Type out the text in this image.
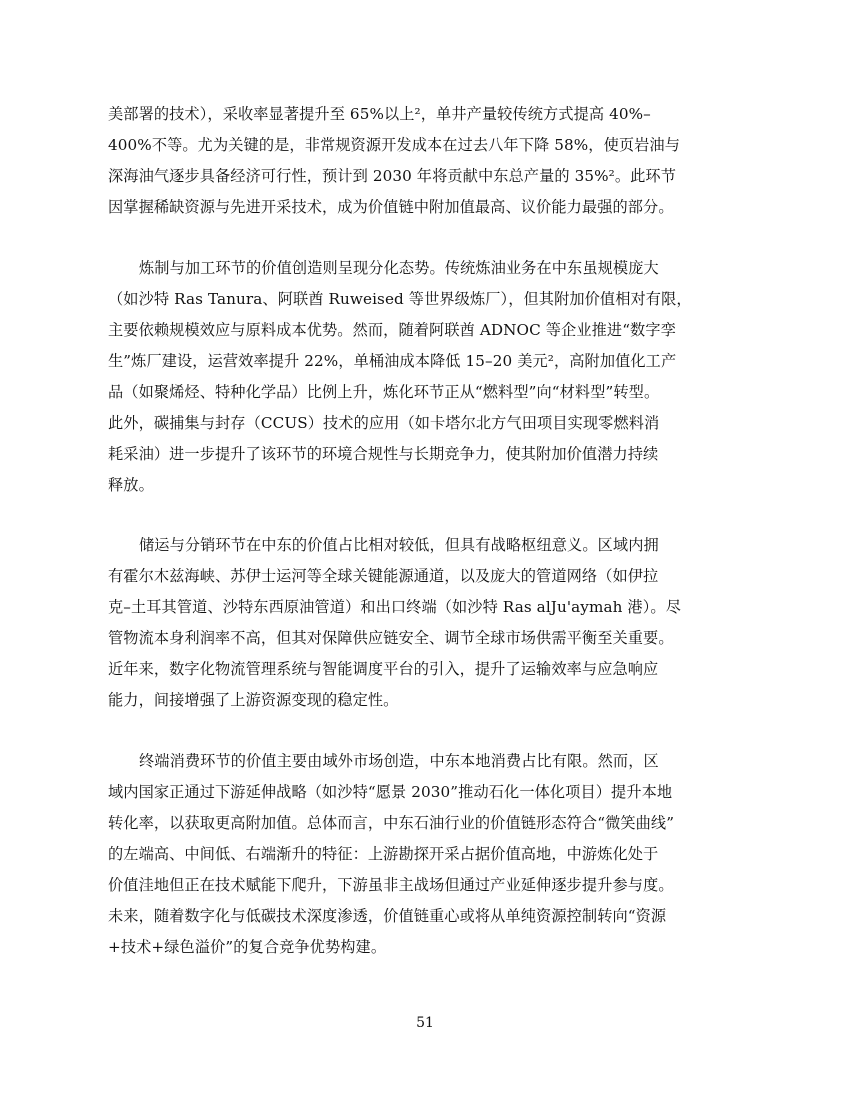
美部署的技术），采收率显著提升至 65%以上²，单井产量较传统方式提高 40%–
400%不等。尤为关键的是，非常规资源开发成本在过去八年下降 58%，使页岩油与
深海油气逐步具备经济可行性，预计到 2030 年将贡献中东总产量的 35%²。此环节
因掌握稀缺资源与先进开采技术，成为价值链中附加值最高、议价能力最强的部分。
炼制与加工环节的价值创造则呈现分化态势。传统炼油业务在中东虽规模庞大
（如沙特 Ras Tanura、阿联酋 Ruweised 等世界级炼厂），但其附加价值相对有限，
主要依赖规模效应与原料成本优势。然而，随着阿联酋 ADNOC 等企业推进“数字孪
生”炼厂建设，运营效率提升 22%，单桶油成本降低 15–20 美元²，高附加值化工产
品（如聚烯烃、特种化学品）比例上升，炼化环节正从“燃料型”向“材料型”转型。
此外，碳捕集与封存（CCUS）技术的应用（如卡塔尔北方气田项目实现零燃料消
耗采油）进一步提升了该环节的环境合规性与长期竞争力，使其附加价值潜力持续
释放。
储运与分销环节在中东的价值占比相对较低，但具有战略枢纽意义。区域内拥
有霍尔木兹海峡、苏伊士运河等全球关键能源通道，以及庞大的管道网络（如伊拉
克–土耳其管道、沙特东西原油管道）和出口终端（如沙特 Ras alJu'aymah 港）。尽
管物流本身利润率不高，但其对保障供应链安全、调节全球市场供需平衡至关重要。
近年来，数字化物流管理系统与智能调度平台的引入，提升了运输效率与应急响应
能力，间接增强了上游资源变现的稳定性。
终端消费环节的价值主要由域外市场创造，中东本地消费占比有限。然而，区
域内国家正通过下游延伸战略（如沙特“愿景 2030”推动石化一体化项目）提升本地
转化率，以获取更高附加值。总体而言，中东石油行业的价值链形态符合“微笑曲线”
的左端高、中间低、右端渐升的特征：上游勘探开采占据价值高地，中游炼化处于
价值洼地但正在技术赋能下爬升，下游虽非主战场但通过产业延伸逐步提升参与度。
未来，随着数字化与低碳技术深度渗透，价值链重心或将从单纯资源控制转向“资源
+技术+绿色溢价”的复合竞争优势构建。
51
